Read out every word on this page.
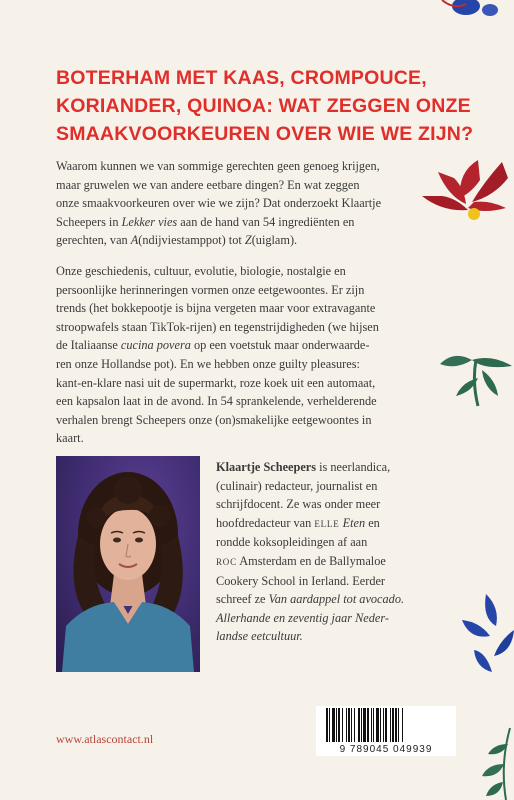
BOTERHAM MET KAAS, CROMPOUCE,
KORIANDER, QUINOA: WAT ZEGGEN ONZE
SMAAKVOORKEUREN OVER WIE WE ZIJN?
Waarom kunnen we van sommige gerechten geen genoeg krijgen,
maar gruwelen we van andere eetbare dingen? En wat zeggen
onze smaakvoorkeuren over wie we zijn? Dat onderzoekt Klaartje
Scheepers in Lekker vies aan de hand van 54 ingrediënten en
gerechten, van A(ndijviestamppot) tot Z(uiglam).
Onze geschiedenis, cultuur, evolutie, biologie, nostalgie en
persoonlijke herinneringen vormen onze eetgewoontes. Er zijn
trends (het bokkepootje is bijna vergeten maar voor extravagante
stroopwafels staan TikTok-rijen) en tegenstrijdigheden (we hijsen
de Italiaanse cucina povera op een voetstuk maar onderwaarde-
ren onze Hollandse pot). En we hebben onze guilty pleasures:
kant-en-klare nasi uit de supermarkt, roze koek uit een automaat,
een kapsalon laat in de avond. In 54 sprankelende, verhelderende
verhalen brengt Scheepers onze (on)smakelijke eetgewoontes in
kaart.
Klaartje Scheepers is neerlandica,
(culinair) redacteur, journalist en
schrijfdocent. Ze was onder meer
hoofdredacteur van ELLE Eten en
rondde koksopleidingen af aan
ROC Amsterdam en de Ballymaloe
Cookery School in Ierland. Eerder
schreef ze Van aardappel tot avocado.
Allerhande en zeventig jaar Neder-
landse eetcultuur.
www.atlascontact.nl
9 789045 049939
